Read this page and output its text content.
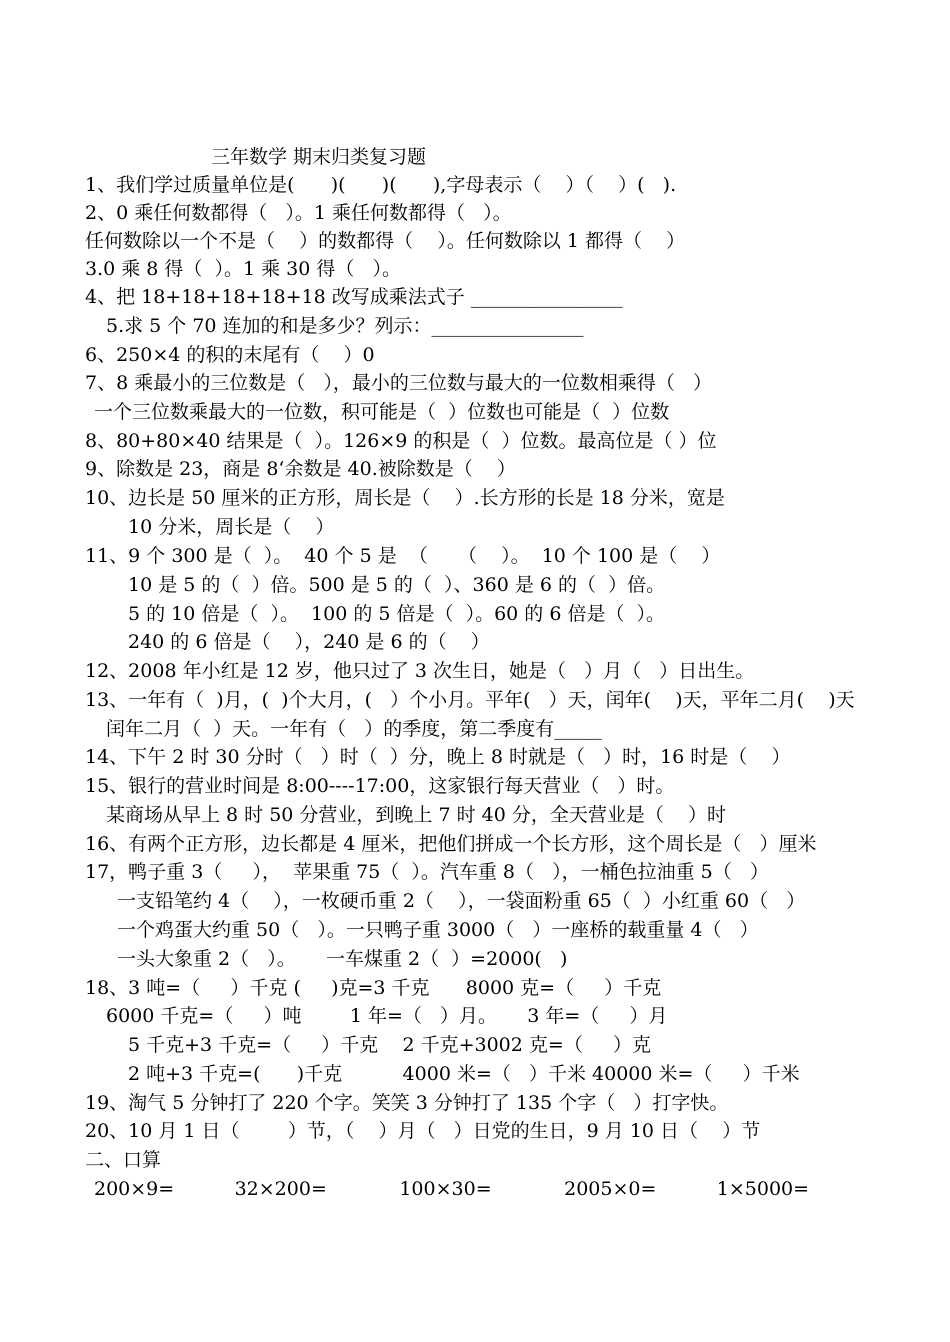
三年数学 期末归类复习题
1、我们学过质量单位是(      )(      )(      ),字母表示（    ）（    ）(   ).
2、0 乘任何数都得（   ）。1 乘任何数都得（   ）。
任何数除以一个不是（    ）的数都得（    ）。任何数除以 1 都得（    ）
3.0 乘 8 得（  ）。1 乘 30 得（   ）。
4、把 18+18+18+18+18 改写成乘法式子 ________________
5.求 5 个 70 连加的和是多少？列示：________________
6、250×4 的积的末尾有（    ）0
7、8 乘最小的三位数是（   ），最小的三位数与最大的一位数相乘得（   ）
一个三位数乘最大的一位数，积可能是（  ）位数也可能是（  ）位数
8、80+80×40 结果是（  ）。126×9 的积是（  ）位数。最高位是（ ）位
9、除数是 23，商是 8‘余数是 40.被除数是（    ）
10、边长是 50 厘米的正方形，周长是（    ）.长方形的长是 18 分米，宽是
10 分米，周长是（    ）
11、9 个 300 是（  ）。  40 个 5 是  （     （    ）。  10 个 100 是（    ）
10 是 5 的（  ）倍。500 是 5 的（  ）、360 是 6 的（  ）倍。
5 的 10 倍是（  ）。  100 的 5 倍是（  ）。60 的 6 倍是（  ）。
240 的 6 倍是（    ），240 是 6 的（    ）
12、2008 年小红是 12 岁，他只过了 3 次生日，她是（   ）月（   ）日出生。
13、一年有（  )月，(  )个大月，(   ）个小月。平年(   ）天，闰年(    )天，平年二月(    )天
闰年二月（  ）天。一年有（   ）的季度，第二季度有_____
14、下午 2 时 30 分时（   ）时（  ）分，晚上 8 时就是（   ）时，16 时是（    ）
15、银行的营业时间是 8:00----17:00，这家银行每天营业（   ）时。
某商场从早上 8 时 50 分营业，到晚上 7 时 40 分，全天营业是（    ）时
16、有两个正方形，边长都是 4 厘米，把他们拼成一个长方形，这个周长是（   ）厘米
17，鸭子重 3（     ），  苹果重 75（  ）。汽车重 8（   ），一桶色拉油重 5（   ）
一支铅笔约 4（    ），一枚硬币重 2（    ），一袋面粉重 65（  ）小红重 60（   ）
一个鸡蛋大约重 50（   ）。一只鸭子重 3000（   ）一座桥的载重量 4（   ）
一头大象重 2（   ）。     一车煤重 2（  ）=2000(   )
18、3 吨=（     ）千克 (     )克=3 千克      8000 克=（     ）千克
6000 千克=（     ）吨        1 年=（   ）月。     3 年=（     ）月
5 千克+3 千克=（     ）千克    2 千克+3002 克=（     ）克
2 吨+3 千克=(      )千克          4000 米=（   ）千米 40000 米=（     ）千米
19、淘气 5 分钟打了 220 个字。笑笑 3 分钟打了 135 个字（   ）打字快。
20、10 月 1 日（        ）节，（    ）月（   ）日党的生日，9 月 10 日（    ）节
二、口算
200×9=          32×200=            100×30=            2005×0=          1×5000=
